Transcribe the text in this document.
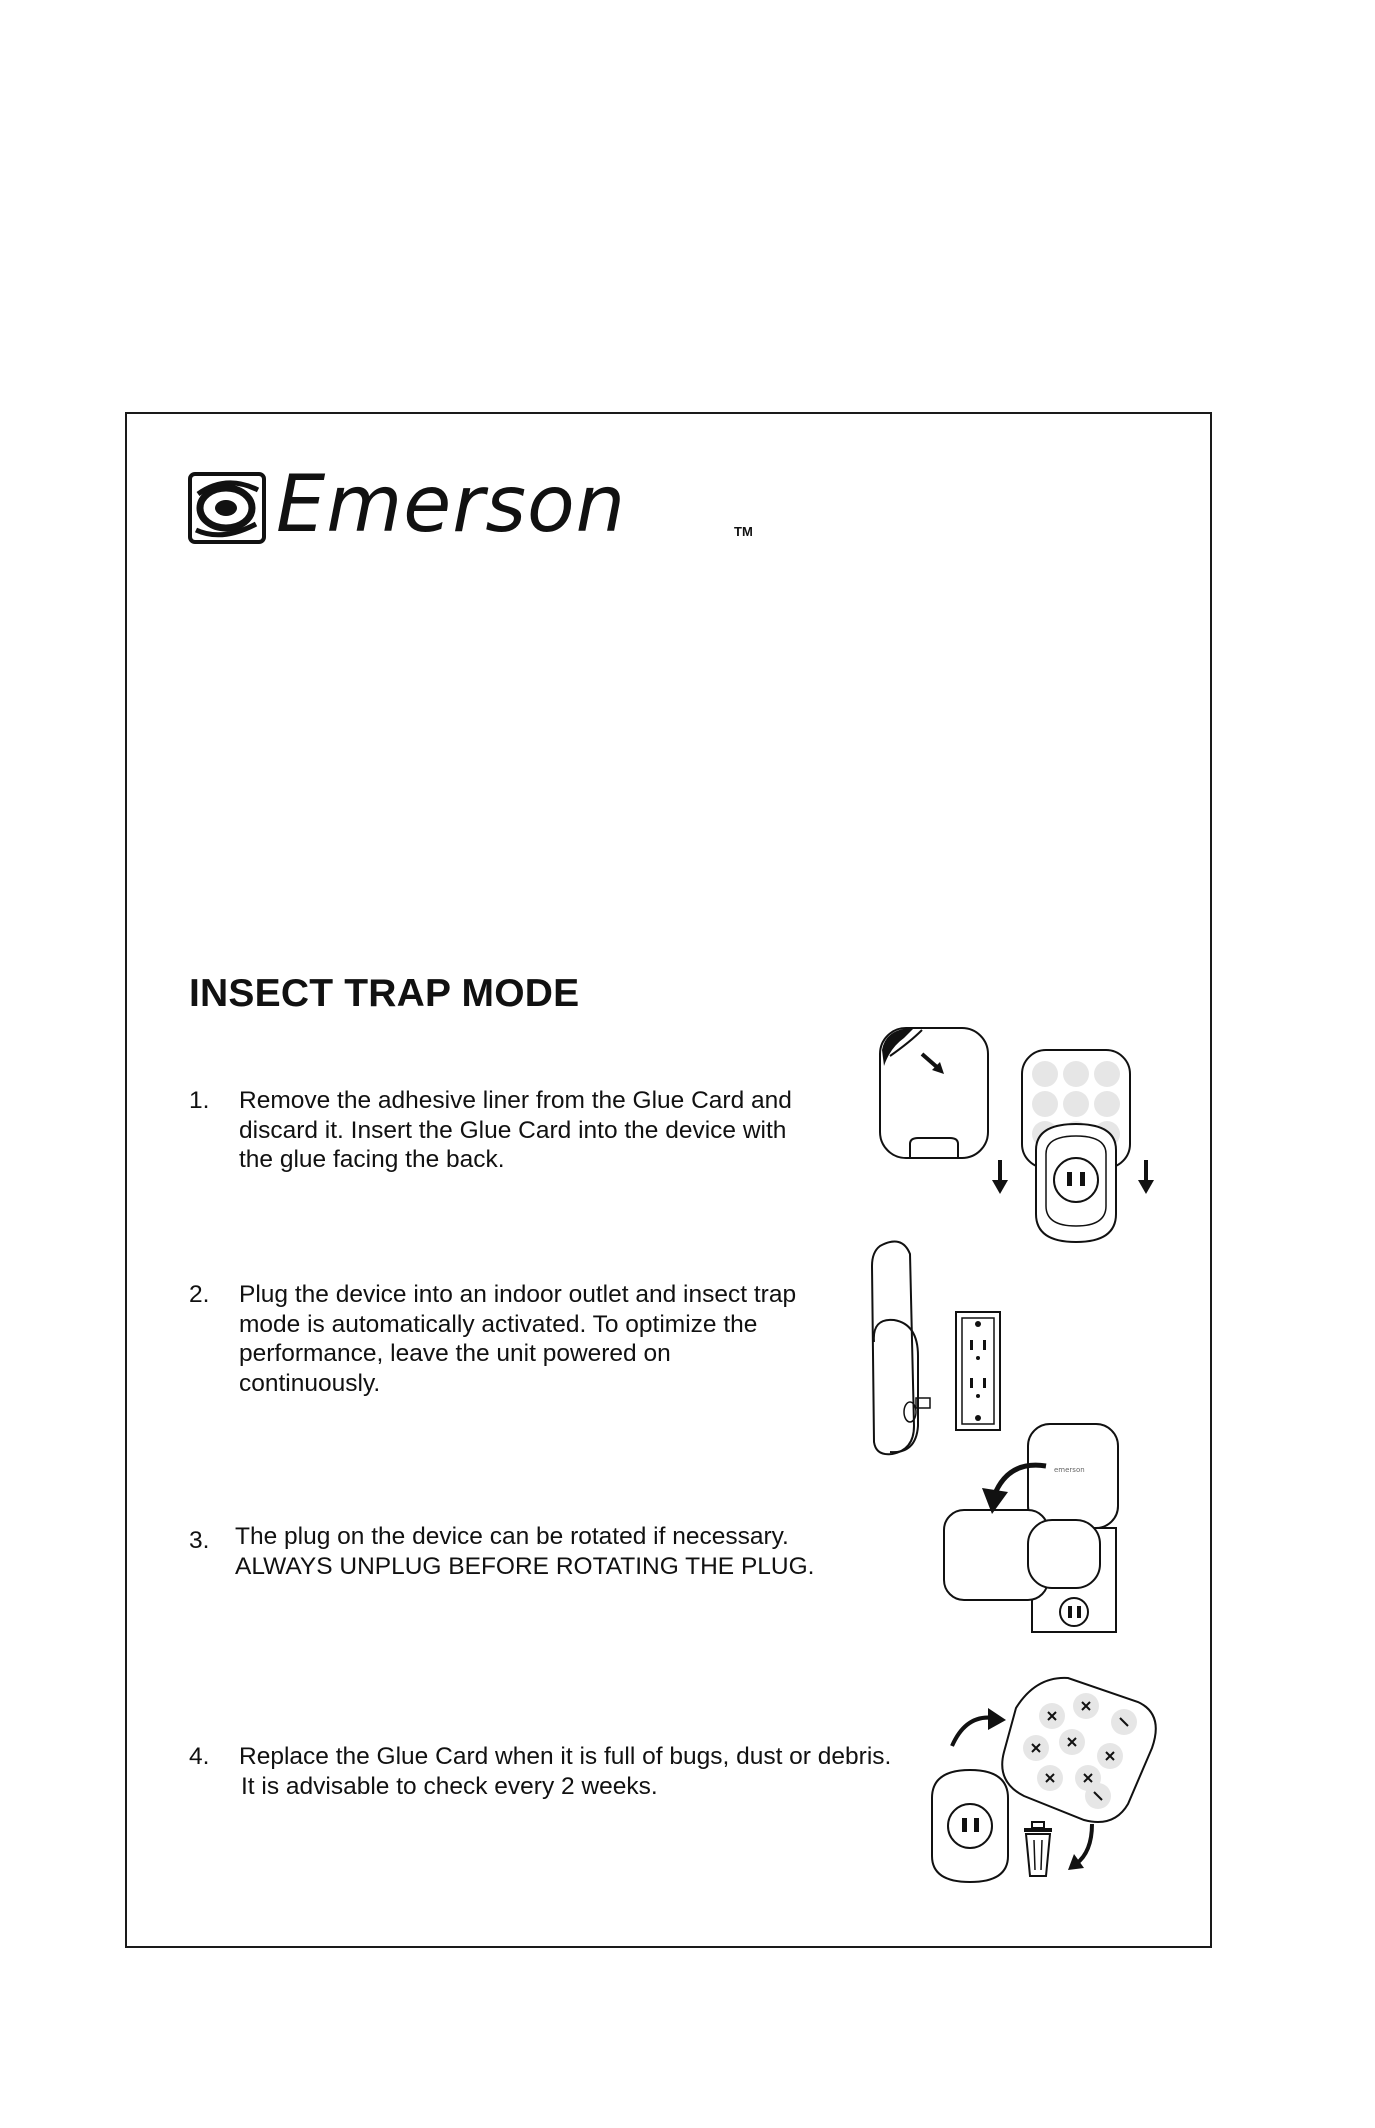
Emerson	TM
INSECT TRAP MODE
1. Remove the adhesive liner from the Glue Card and
discard it. Insert the Glue Card into the device with
the glue facing the back.
2. Plug the device into an indoor outlet and insect trap
mode is automatically activated. To optimize the
performance, leave the unit powered on
continuously.
3. The plug on the device can be rotated if necessary.
ALWAYS UNPLUG BEFORE ROTATING THE PLUG.
4. Replace the Glue Card when it is full of bugs, dust or debris.
It is advisable to check every 2 weeks.
emerson
